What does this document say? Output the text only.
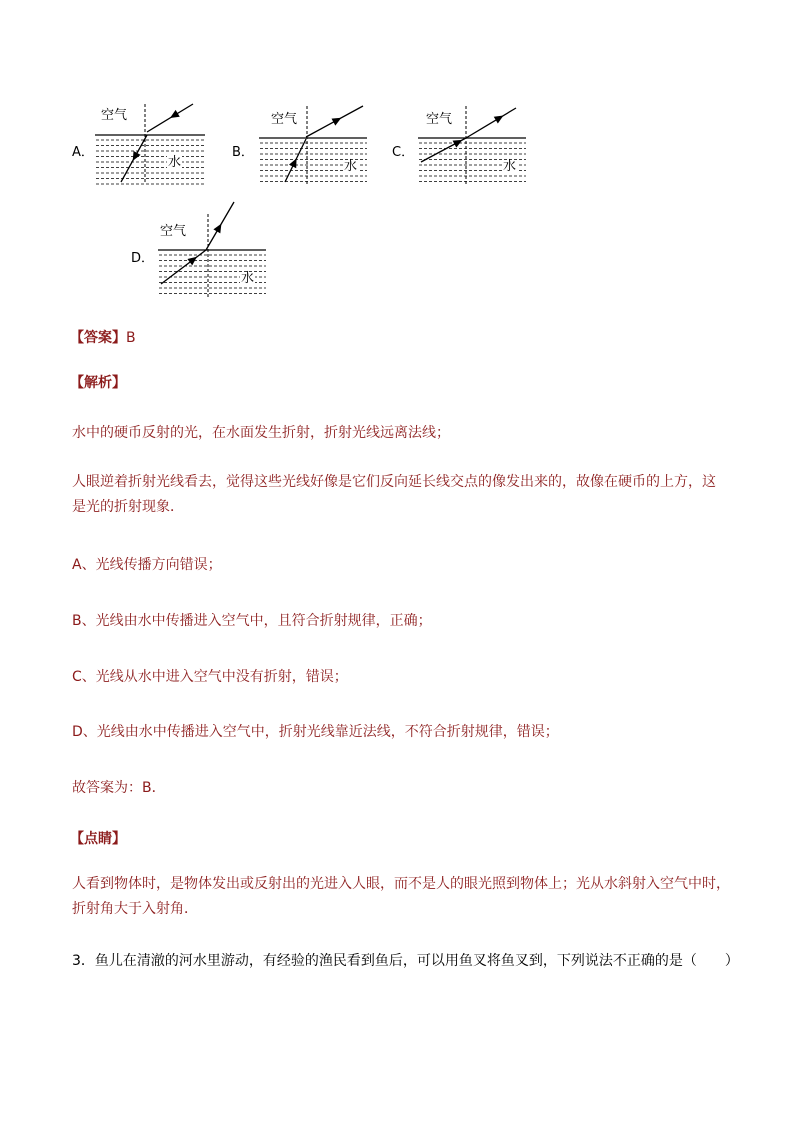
A．
空气
水
B．
空气
水
C．
空气
水
D．
空气
水
【答案】B
【解析】
水中的硬币反射的光，在水面发生折射，折射光线远离法线；
人眼逆着折射光线看去，觉得这些光线好像是它们反向延长线交点的像发出来的，故像在硬币的上方，这是光的折射现象．
A、光线传播方向错误；
B、光线由水中传播进入空气中，且符合折射规律，正确；
C、光线从水中进入空气中没有折射，错误；
D、光线由水中传播进入空气中，折射光线靠近法线，不符合折射规律，错误；
故答案为：B．
【点睛】
人看到物体时，是物体发出或反射出的光进入人眼，而不是人的眼光照到物体上；光从水斜射入空气中时，折射角大于入射角．
3．鱼儿在清澈的河水里游动，有经验的渔民看到鱼后，可以用鱼叉将鱼叉到，下列说法不正确的是（　　）
